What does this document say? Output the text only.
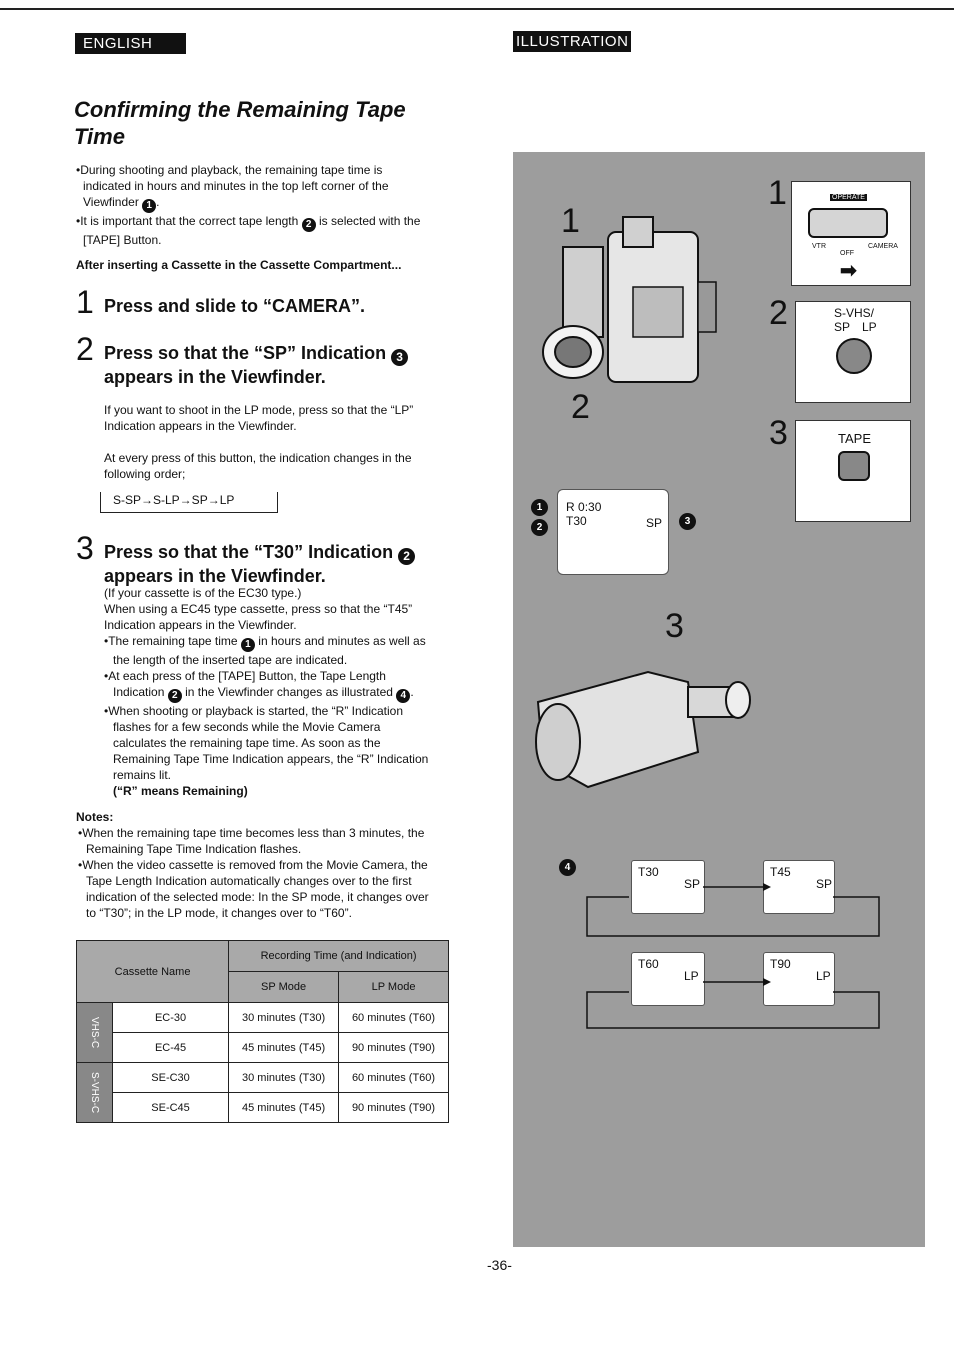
ENGLISH	ILLUSTRATION
Confirming the Remaining Tape
Time
•During shooting and playback, the remaining tape time is
indicated in hours and minutes in the top left corner of the
Viewfinder 1 .
•It is important that the correct tape length 2 is selected with the
[TAPE] Button.
After inserting a Cassette in the Cassette Compartment...
1 Press and slide to “CAMERA”.
2 Press so that the “SP” Indication 3
appears in the Viewfinder.
If you want to shoot in the LP mode, press so that the “LP”
Indication appears in the Viewfinder.
At every press of this button, the indication changes in the
following order;
S-SP→S-LP→SP→LP
3 Press so that the “T30” Indication 2
appears in the Viewfinder.
(If your cassette is of the EC30 type.)
When using a EC45 type cassette, press so that the “T45”
Indication appears in the Viewfinder.
•The remaining tape time 1 in hours and minutes as well as
the length of the inserted tape are indicated.
•At each press of the [TAPE] Button, the Tape Length
Indication 2 in the Viewfinder changes as illustrated 4 .
•When shooting or playback is started, the “R” Indication
flashes for a few seconds while the Movie Camera
calculates the remaining tape time. As soon as the
Remaining Tape Time Indication appears, the “R” Indication
remains lit.
(“R” means Remaining)
Notes:
•When the remaining tape time becomes less than 3 minutes, the
Remaining Tape Time Indication flashes.
•When the video cassette is removed from the Movie Camera, the
Tape Length Indication automatically changes over to the first
indication of the selected mode: In the SP mode, it changes over
to “T30”; in the LP mode, it changes over to “T60”.
Cassette Name		Recording Time (and Indication)	
		SP Mode	LP Mode
VHS-C	EC-30	30 minutes (T30)	60 minutes (T60)
	EC-45	45 minutes (T45)	90 minutes (T90)
S-VHS-C	SE-C30	30 minutes (T30)	60 minutes (T60)
	SE-C45	45 minutes (T45)	90 minutes (T90)
1
1
2
2
3
3
OPERATE
VTR
OFF
CAMERA
➡
S-VHS/
SP LP
TAPE
R 0:30
T30	SP
1
2
3
4	T30
SP
T45
SP
T60
LP
T90
LP
-36-
